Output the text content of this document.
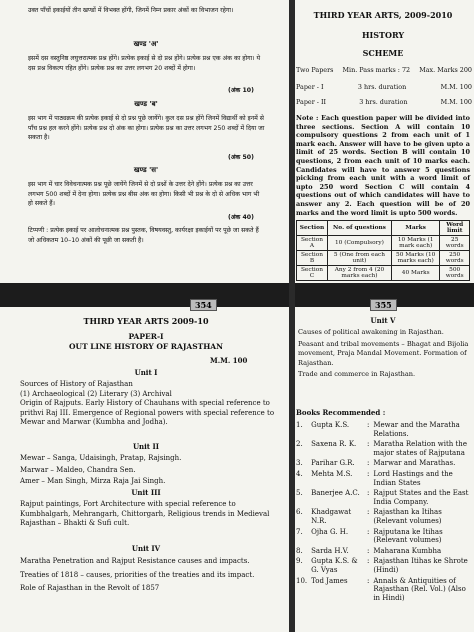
उक्त पाँचों इकाईयों तीन खण्डों में विभक्त होंगी, जिनमें निम्न प्रकार अंकों का विभाजन रहेगा।
खण्ड 'अ'
इसमें दस वस्तुनिष्ठ लघुत्तरात्मक प्रश्न होंगे। प्रत्येक इकाई से दो प्रश्न होंगे। प्रत्येक प्रश्न एक अंक का होगा। ये दस प्रश्न विकल्प रहित होंगे। प्रत्येक प्रश्न का उत्तर लगभग 20 शब्दों में होगा।
(अंक 10)
खण्ड 'ब'
इस भाग में पाठ्यक्रम की प्रत्येक इकाई से दो प्रश्न पूछे जायेंगे। कुल दस प्रश्न होंगे जिनमें विद्यार्थी को इनमें से पाँच प्रश्न हल करने होंगे। प्रत्येक प्रश्न दो अंक का होगा। प्रत्येक प्रश्न का उत्तर लगभग 250 शब्दों में दिया जा सकता है।
(अंक 50)
खण्ड 'स'
इस भाग में चार विवेचनात्मक प्रश्न पूछे जायेंगे जिनमें से दो प्रश्नों के उत्तर देने होंगे। प्रत्येक प्रश्न का उत्तर लगभग 500 शब्दों में देना होगा। प्रत्येक प्रश्न बीस अंक का होगा। किसी भी प्रश्न के दो से अधिक भाग भी हो सकते हैं।
(अंक 40)
टिप्पणी : प्रत्येक इकाई पर आलोचनात्मक प्रश्न पुस्तक, विषयवस्तु, कार्यरक्षा इकाईयों पर पूछे जा सकते हैं जो अधिकतम 10–10 अंकों की पूछी जा सकती है।
THIRD YEAR ARTS, 2009-2010
HISTORY
SCHEME
Two Papers Min. Pass marks : 72 Max. Marks 200
Paper - I	3 hrs. duration	M.M. 100
Paper - II	3 hrs. duration	M.M. 100
Note : Each question paper will be divided into three sections. Section A will contain 10 compulsory questions 2 from each unit of 1 mark each. Answer will have to be given upto a limit of 25 words. Section B will contain 10 questions, 2 from each unit of 10 marks each. Candidates will have to answer 5 questions picking from each unit with a word limit of upto 250 word Section C will contain 4 questions out of which candidates will have to answer any 2. Each question will be of 20 marks and the word limit is upto 500 words.
Section	No. of questions	Marks	Word limit
Section A	10 (Compulsory)	10 Marks (1 mark each)	25 words
Section B	5 (One from each unit)	50 Marks (10 marks each)	250 words
Section C	Any 2 from 4 (20 marks each)	40 Marks	500 words
THIRD YEAR ARTS 2009-10
PAPER-I
OUT LINE HISTORY OF RAJASTHAN
M.M. 100
Unit I
Sources of History of Rajasthan
(1) Archaeological (2) Literary (3) Archival
Origin of Rajputs. Early History of Chauhans with special reference to prithvi Raj III. Emergence of Regional powers with special reference to Mewar and Marwar (Kumbha and Jodha).
Unit II
Mewar – Sanga, Udaisingh, Pratap, Rajsingh.
Marwar – Maldeo, Chandra Sen.
Amer – Man Singh, Mirza Raja Jai Singh.
Unit III
Rajput paintings, Fort Architecture with special reference to Kumbhalgarh, Mehrangarh, Chittorgarh, Religious trends in Medieval Rajasthan – Bhakti & Sufi cult.
Unit IV
Maratha Penetration and Rajput Resistance causes and impacts.
Treaties of 1818 – causes, priorities of the treaties and its impact.
Role of Rajasthan in the Revolt of 1857
Unit V
Causes of political awakening in Rajasthan.
Peasant and tribal movements – Bhagat and Bijolia movement, Praja Mandal Movement. Formation of Rajasthan.
Trade and commerce in Rajasthan.
Books Recommended :
1.	Gupta K.S.	:	Mewar and the Maratha Relations.
2.	Saxena R. K.	:	Maratha Relation with the major states of Rajputana
3.	Parihar G.R.	:	Marwar and Marathas.
4.	Mehta M.S.	:	Lord Hastings and the Indian States
5.	Banerjee A.C.	:	Rajput States and the East India Company.
6.	Khadgawat N.R.	:	Rajasthan ka Itihas (Relevant volumes)
7.	Ojha G. H.	:	Rajputana ke Itihas (Relevant volumes)
8.	Sarda H.V.	:	Maharana Kumbha
9.	Gupta K.S. & G. Vyas	:	Rajasthan Itihas ke Shrote (Hindi)
10.	Tod James	:	Annals & Antiquities of Rajasthan (Rel. Vol.) (Also in Hindi)
354	355
